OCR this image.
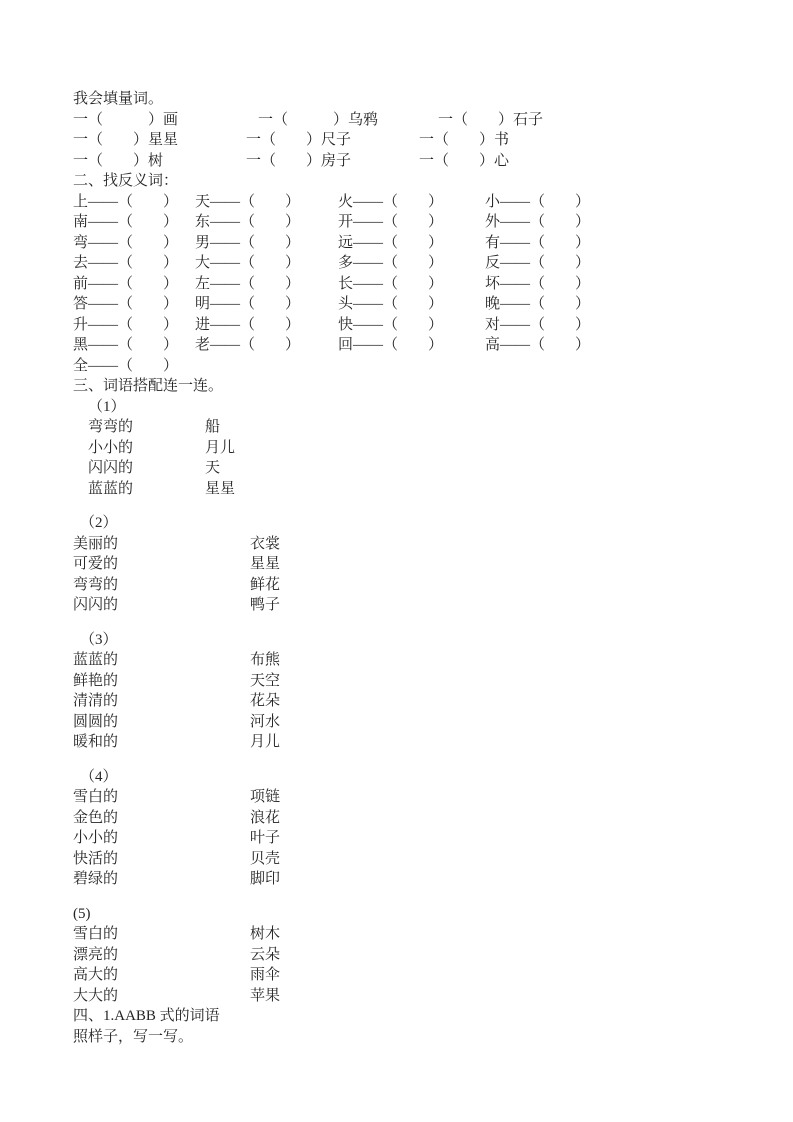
我会填量词。
一（　　　）画	一（　　　）乌鸦	一（　　）石子
一（　　）星星	一（　　）尺子	一（　　）书
一（　　）树	一（　　）房子	一（　　）心
二、找反义词：
上——（　　）	天——（　　）	火——（　　）	小——（　　）
南——（　　）	东——（　　）	开——（　　）	外——（　　）
弯——（　　）	男——（　　）	远——（　　）	有——（　　）
去——（　　）	大——（　　）	多——（　　）	反——（　　）
前——（　　）	左——（　　）	长——（　　）	坏——（　　）
答——（　　）	明——（　　）	头——（　　）	晚——（　　）
升——（　　）	进——（　　）	快——（　　）	对——（　　）
黑——（　　）	老——（　　）	回——（　　）	高——（　　）
全——（　　）
三、词语搭配连一连。
（1）
弯弯的	船
小小的	月儿
闪闪的	天
蓝蓝的	星星
（2）
美丽的	衣裳
可爱的	星星
弯弯的	鲜花
闪闪的	鸭子
（3）
蓝蓝的	布熊
鲜艳的	天空
清清的	花朵
圆圆的	河水
暖和的	月儿
（4）
雪白的	项链
金色的	浪花
小小的	叶子
快活的	贝壳
碧绿的	脚印
(5)
雪白的	树木
漂亮的	云朵
高大的	雨伞
大大的	苹果
四、1.AABB 式的词语
照样子，写一写。
